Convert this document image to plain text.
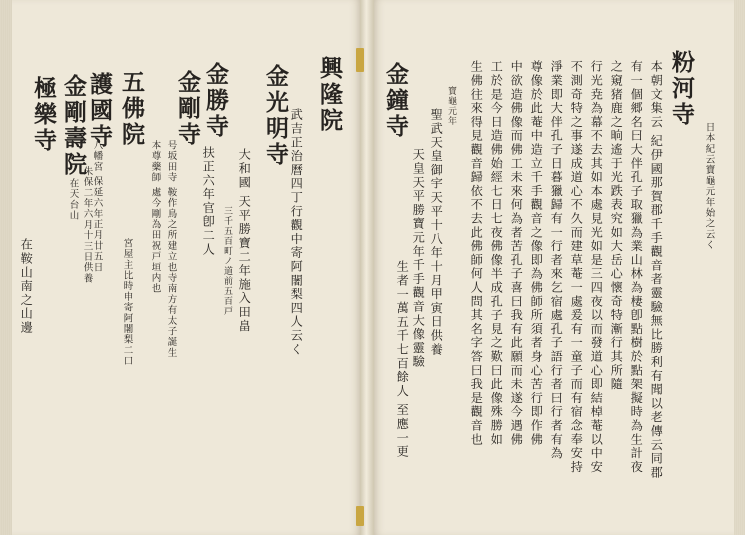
興隆院

武吉正治曆四丁行觀中寄阿闍梨四人云く

金光明寺

大和國 天平勝寶二年施入田畠

三千五百町ノ道前五百戸

金勝寺

扶正六年官卽二人

金剛寺

号坂田寺 鞍作鳥之所建立也寺南方有太子誕生

本尊藥師 處今剛為田祝戸垣内也

五佛院

宮屋主比時申寄阿闍梨二口

護國寺

八幡宮 保延六年正月廿五日

金剛壽院

朱保二年六月十三日供養

在天台山

極樂寺

在鞍山南之山邊

粉河寺

日本紀云寶龜元年始之云く

本朝文集云 紀伊國那賀郡千手觀音者靈驗無比勝利有聞以老傳云同郡

有一個郷名曰大伴孔子取獵為業山林為棲卽點樹於點架擬時為生計夜

之窺猪鹿之晌遙于光跌表究如大岳心懷奇特漸行其所隨

行光尭為幕不去其如本處見光如是三四夜以而發道心即結棹菴以中安

不測奇特之事遂成道心不久而建草菴一處爰有一童子而有宿念奉安持

淨業即大伴孔子日暮獵歸有一行者來乞宿處孔子語行者曰行者有為

尊像於此菴中造立千手觀音之像即為佛師所須者身心苦行即作佛

中欲造佛像而佛工未來何為者苦孔子喜曰我有此願而未遂今遇佛

工於是今日造佛始經七日七夜佛像半成孔子見之歎曰此像殊勝如

生佛往來得見觀音歸依不去此佛師何人問其名字答曰我是觀音也

金鐘寺	寶龜元年

聖武天皇御宇天平十八年十月甲寅日供養

天皇天平勝寶元年千手觀音大像靈驗

生者一萬五千七百餘人 至應一更
